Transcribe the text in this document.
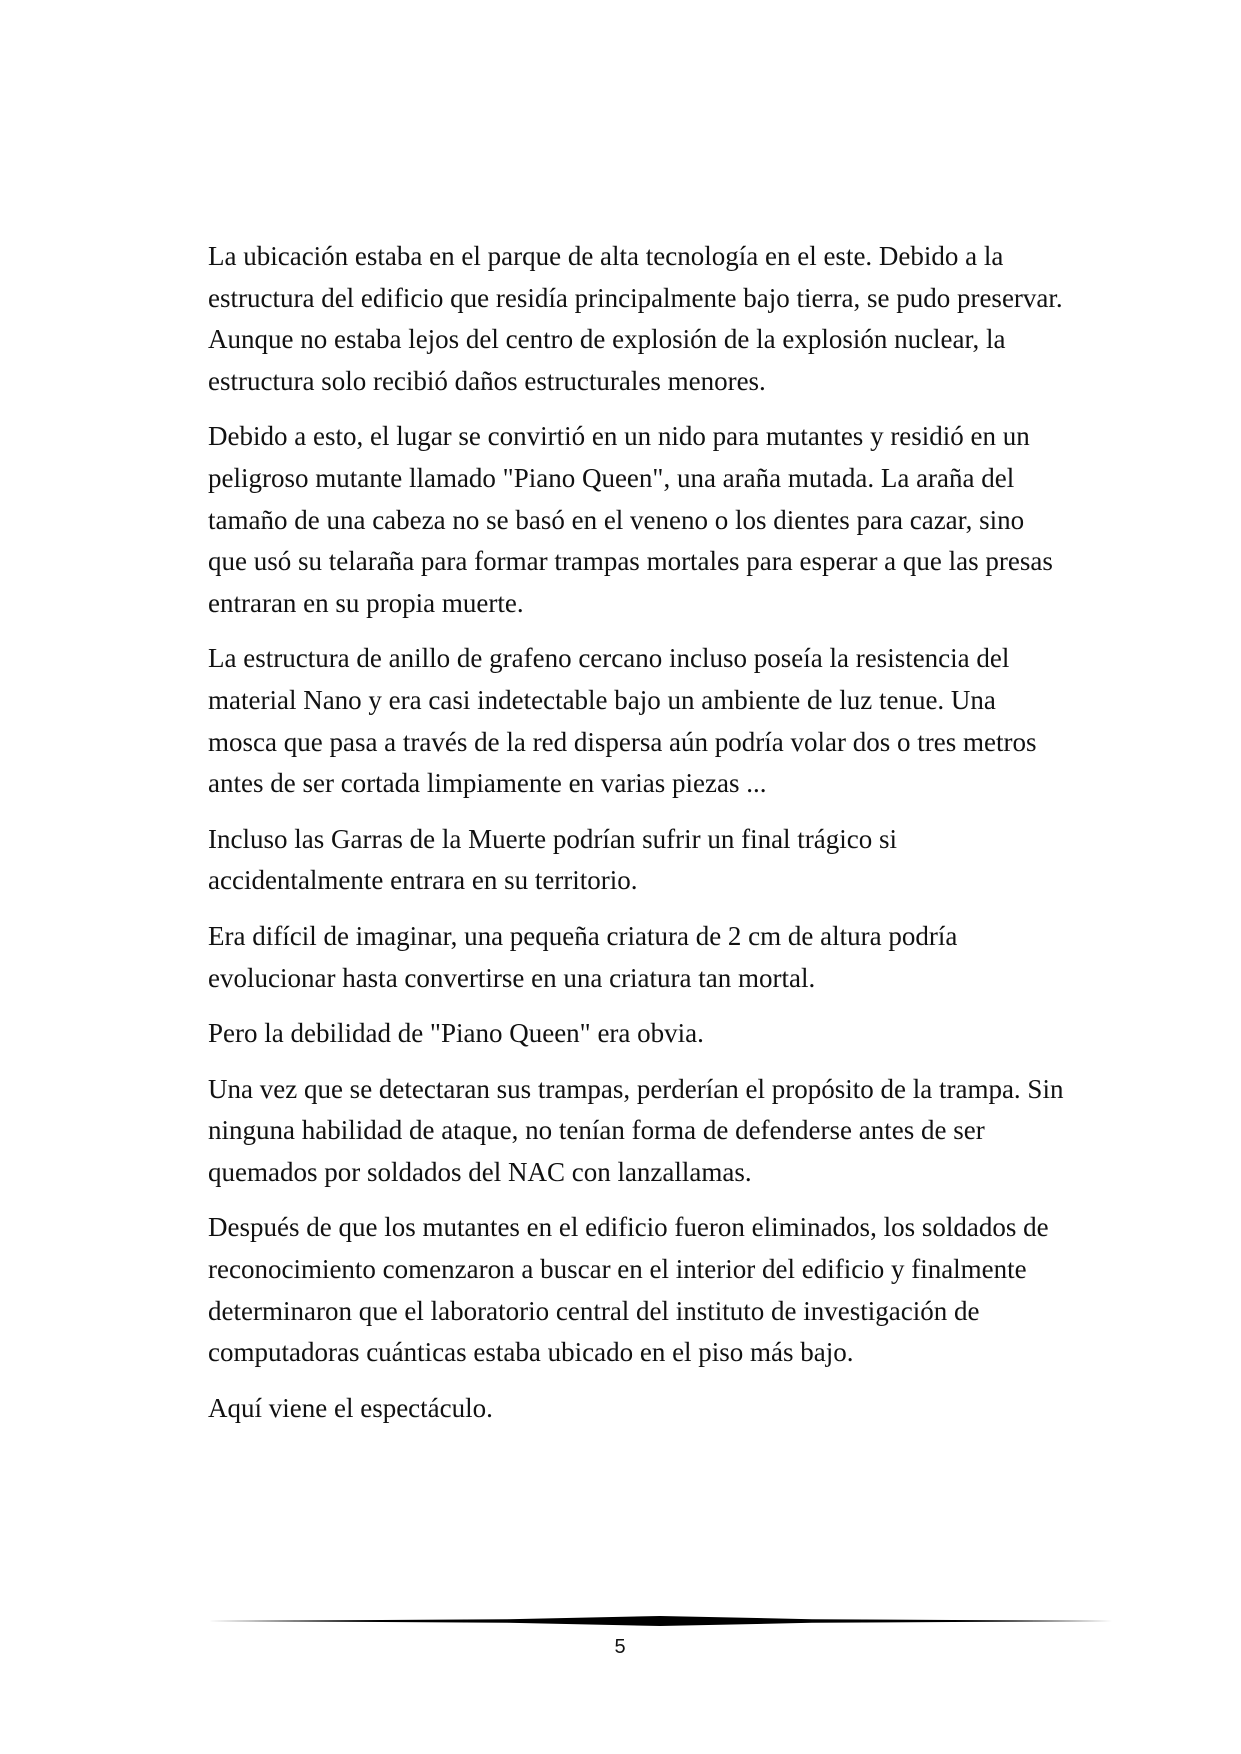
La ubicación estaba en el parque de alta tecnología en el este. Debido a la estructura del edificio que residía principalmente bajo tierra, se pudo preservar. Aunque no estaba lejos del centro de explosión de la explosión nuclear, la estructura solo recibió daños estructurales menores.

Debido a esto, el lugar se convirtió en un nido para mutantes y residió en un peligroso mutante llamado "Piano Queen", una araña mutada. La araña del tamaño de una cabeza no se basó en el veneno o los dientes para cazar, sino que usó su telaraña para formar trampas mortales para esperar a que las presas entraran en su propia muerte.

La estructura de anillo de grafeno cercano incluso poseía la resistencia del material Nano y era casi indetectable bajo un ambiente de luz tenue. Una mosca que pasa a través de la red dispersa aún podría volar dos o tres metros antes de ser cortada limpiamente en varias piezas ...

Incluso las Garras de la Muerte podrían sufrir un final trágico si accidentalmente entrara en su territorio.

Era difícil de imaginar, una pequeña criatura de 2 cm de altura podría evolucionar hasta convertirse en una criatura tan mortal.

Pero la debilidad de "Piano Queen" era obvia.

Una vez que se detectaran sus trampas, perderían el propósito de la trampa. Sin ninguna habilidad de ataque, no tenían forma de defenderse antes de ser quemados por soldados del NAC con lanzallamas.

Después de que los mutantes en el edificio fueron eliminados, los soldados de reconocimiento comenzaron a buscar en el interior del edificio y finalmente determinaron que el laboratorio central del instituto de investigación de computadoras cuánticas estaba ubicado en el piso más bajo.

Aquí viene el espectáculo.

5
